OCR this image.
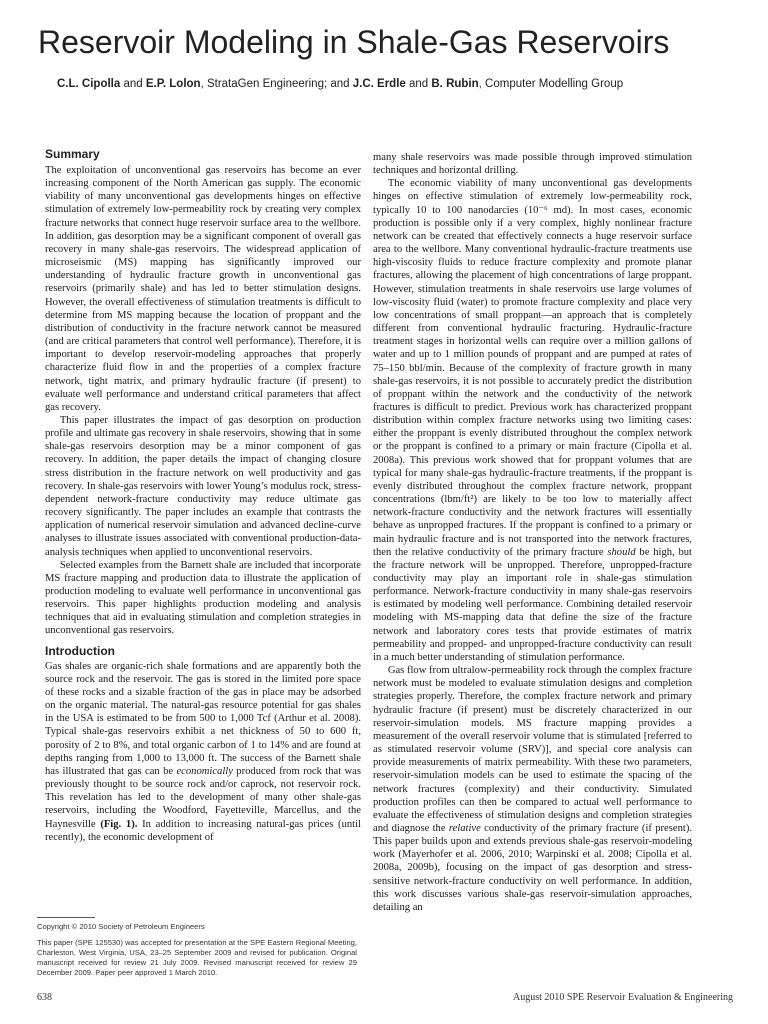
Reservoir Modeling in Shale-Gas Reservoirs
C.L. Cipolla and E.P. Lolon, StrataGen Engineering; and J.C. Erdle and B. Rubin, Computer Modelling Group
Summary

The exploitation of unconventional gas reservoirs has become an ever increasing component of the North American gas supply. The economic viability of many unconventional gas developments hinges on effective stimulation of extremely low-permeability rock by creating very complex fracture networks that connect huge reservoir surface area to the wellbore. In addition, gas desorption may be a significant component of overall gas recovery in many shale-gas reservoirs. The widespread application of microseismic (MS) mapping has significantly improved our understanding of hydraulic fracture growth in unconventional gas reservoirs (primarily shale) and has led to better stimulation designs. However, the overall effectiveness of stimulation treatments is difficult to determine from MS mapping because the location of proppant and the distribution of conductivity in the fracture network cannot be measured (and are critical parameters that control well performance). Therefore, it is important to develop reservoir-modeling approaches that properly characterize fluid flow in and the properties of a complex fracture network, tight matrix, and primary hydraulic fracture (if present) to evaluate well performance and understand critical parameters that affect gas recovery.

This paper illustrates the impact of gas desorption on production profile and ultimate gas recovery in shale reservoirs, showing that in some shale-gas reservoirs desorption may be a minor component of gas recovery. In addition, the paper details the impact of changing closure stress distribution in the fracture network on well productivity and gas recovery. In shale-gas reservoirs with lower Young’s modulus rock, stress-dependent network-fracture conductivity may reduce ultimate gas recovery significantly. The paper includes an example that contrasts the application of numerical reservoir simulation and advanced decline-curve analyses to illustrate issues associated with conventional production-data-analysis techniques when applied to unconventional reservoirs.

Selected examples from the Barnett shale are included that incorporate MS fracture mapping and production data to illustrate the application of production modeling to evaluate well performance in unconventional gas reservoirs. This paper highlights production modeling and analysis techniques that aid in evaluating stimulation and completion strategies in unconventional gas reservoirs.

Introduction

Gas shales are organic-rich shale formations and are apparently both the source rock and the reservoir. The gas is stored in the limited pore space of these rocks and a sizable fraction of the gas in place may be adsorbed on the organic material. The natural-gas resource potential for gas shales in the USA is estimated to be from 500 to 1,000 Tcf (Arthur et al. 2008). Typical shale-gas reservoirs exhibit a net thickness of 50 to 600 ft, porosity of 2 to 8%, and total organic carbon of 1 to 14% and are found at depths ranging from 1,000 to 13,000 ft. The success of the Barnett shale has illustrated that gas can be economically produced from rock that was previously thought to be source rock and/or caprock, not reservoir rock. This revelation has led to the development of many other shale-gas reservoirs, including the Woodford, Fayetteville, Marcellus, and the Haynesville (Fig. 1). In addition to increasing natural-gas prices (until recently), the economic development of

many shale reservoirs was made possible through improved stimulation techniques and horizontal drilling.

The economic viability of many unconventional gas developments hinges on effective stimulation of extremely low-permeability rock, typically 10 to 100 nanodarcies (10⁻⁶ md). In most cases, economic production is possible only if a very complex, highly nonlinear fracture network can be created that effectively connects a huge reservoir surface area to the wellbore. Many conventional hydraulic-fracture treatments use high-viscosity fluids to reduce fracture complexity and promote planar fractures, allowing the placement of high concentrations of large proppant. However, stimulation treatments in shale reservoirs use large volumes of low-viscosity fluid (water) to promote fracture complexity and place very low concentrations of small proppant—an approach that is completely different from conventional hydraulic fracturing. Hydraulic-fracture treatment stages in horizontal wells can require over a million gallons of water and up to 1 million pounds of proppant and are pumped at rates of 75–150 bbl/min. Because of the complexity of fracture growth in many shale-gas reservoirs, it is not possible to accurately predict the distribution of proppant within the network and the conductivity of the network fractures is difficult to predict. Previous work has characterized proppant distribution within complex fracture networks using two limiting cases: either the proppant is evenly distributed throughout the complex network or the proppant is confined to a primary or main fracture (Cipolla et al. 2008a). This previous work showed that for proppant volumes that are typical for many shale-gas hydraulic-fracture treatments, if the proppant is evenly distributed throughout the complex fracture network, proppant concentrations (lbm/ft²) are likely to be too low to materially affect network-fracture conductivity and the network fractures will essentially behave as unpropped fractures. If the proppant is confined to a primary or main hydraulic fracture and is not transported into the network fractures, then the relative conductivity of the primary fracture should be high, but the fracture network will be unpropped. Therefore, unpropped-fracture conductivity may play an important role in shale-gas stimulation performance. Network-fracture conductivity in many shale-gas reservoirs is estimated by modeling well performance. Combining detailed reservoir modeling with MS-mapping data that define the size of the fracture network and laboratory cores tests that provide estimates of matrix permeability and propped- and unpropped-fracture conductivity can result in a much better understanding of stimulation performance.

Gas flow from ultralow-permeability rock through the complex fracture network must be modeled to evaluate stimulation designs and completion strategies properly. Therefore, the complex fracture network and primary hydraulic fracture (if present) must be discretely characterized in our reservoir-simulation models. MS fracture mapping provides a measurement of the overall reservoir volume that is stimulated [referred to as stimulated reservoir volume (SRV)], and special core analysis can provide measurements of matrix permeability. With these two parameters, reservoir-simulation models can be used to estimate the spacing of the network fractures (complexity) and their conductivity. Simulated production profiles can then be compared to actual well performance to evaluate the effectiveness of stimulation designs and completion strategies and diagnose the relative conductivity of the primary fracture (if present). This paper builds upon and extends previous shale-gas reservoir-modeling work (Mayerhofer et al. 2006, 2010; Warpinski et al. 2008; Cipolla et al. 2008a, 2009b), focusing on the impact of gas desorption and stress-sensitive network-fracture conductivity on well performance. In addition, this work discusses various shale-gas reservoir-simulation approaches, detailing an

Copyright © 2010 Society of Petroleum Engineers
This paper (SPE 125530) was accepted for presentation at the SPE Eastern Regional Meeting, Charleston, West Virginia, USA, 23–25 September 2009 and revised for publication. Original manuscript received for review 21 July 2009. Revised manuscript received for review 29 December 2009. Paper peer approved 1 March 2010.
638	August 2010 SPE Reservoir Evaluation & Engineering
